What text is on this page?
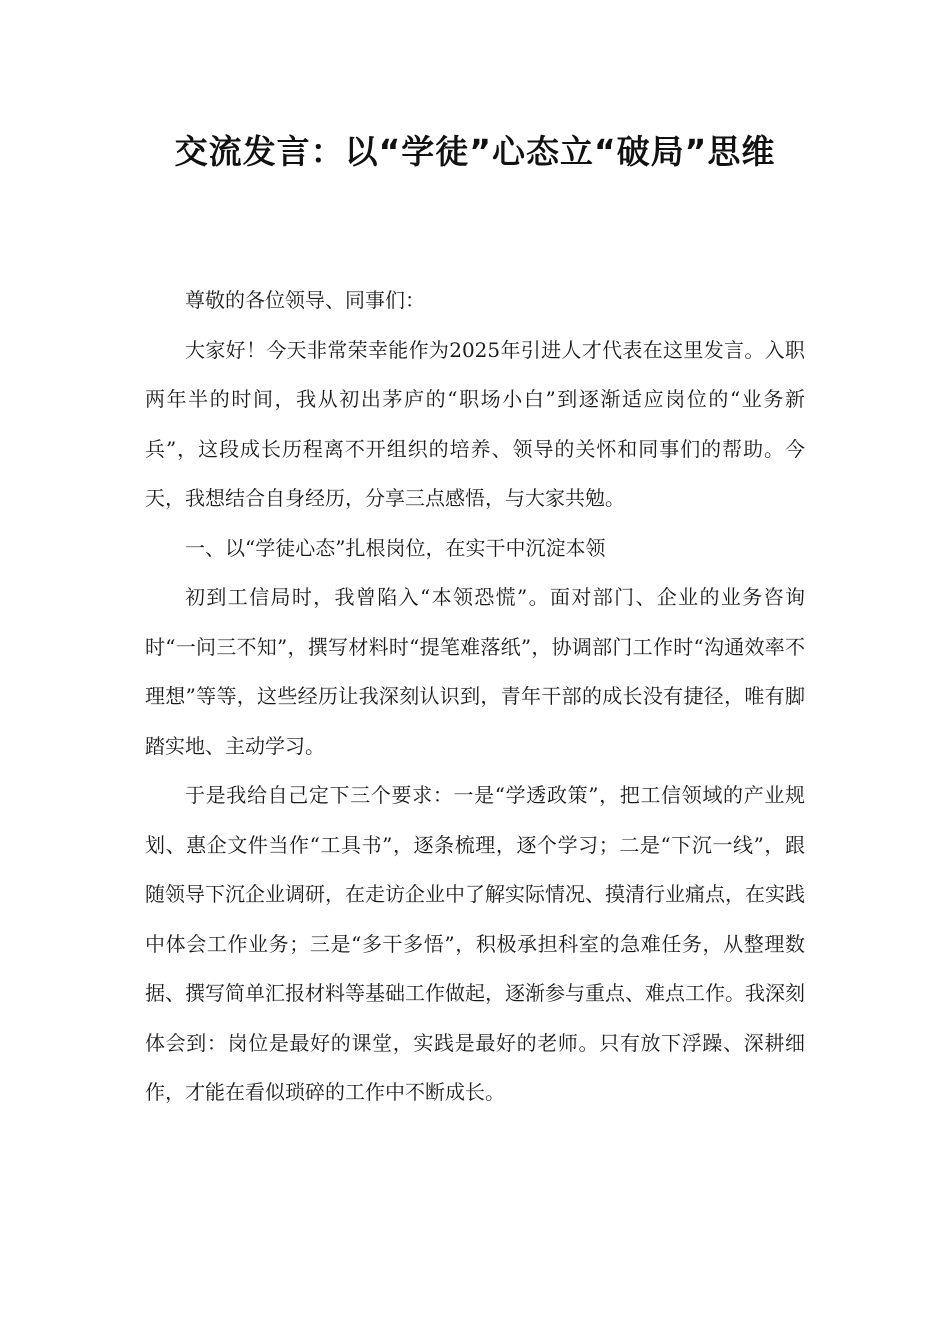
交流发言：以“学徒”心态立“破局”思维

尊敬的各位领导、同事们：

大家好！今天非常荣幸能作为2025年引进人才代表在这里发言。入职两年半的时间，我从初出茅庐的“职场小白”到逐渐适应岗位的“业务新兵”，这段成长历程离不开组织的培养、领导的关怀和同事们的帮助。今天，我想结合自身经历，分享三点感悟，与大家共勉。

一、以“学徒心态”扎根岗位，在实干中沉淀本领

初到工信局时，我曾陷入“本领恐慌”。面对部门、企业的业务咨询时“一问三不知”，撰写材料时“提笔难落纸”，协调部门工作时“沟通效率不理想”等等，这些经历让我深刻认识到，青年干部的成长没有捷径，唯有脚踏实地、主动学习。

于是我给自己定下三个要求：一是“学透政策”，把工信领域的产业规划、惠企文件当作“工具书”，逐条梳理，逐个学习；二是“下沉一线”，跟随领导下沉企业调研，在走访企业中了解实际情况、摸清行业痛点，在实践中体会工作业务；三是“多干多悟”，积极承担科室的急难任务，从整理数据、撰写简单汇报材料等基础工作做起，逐渐参与重点、难点工作。我深刻体会到：岗位是最好的课堂，实践是最好的老师。只有放下浮躁、深耕细作，才能在看似琐碎的工作中不断成长。
